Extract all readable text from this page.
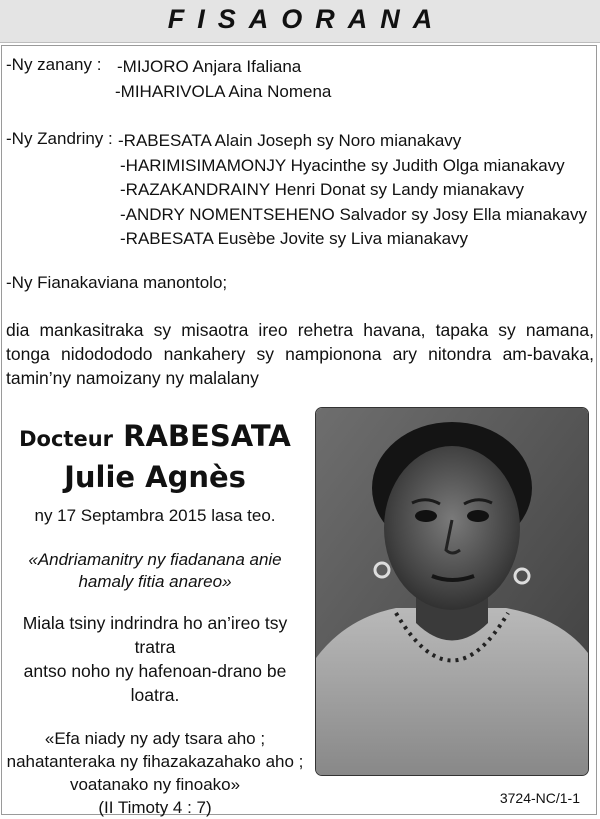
FISAORANA
-Ny zanany : -MIJORO Anjara Ifaliana
-MIHARIVOLA Aina Nomena
-Ny Zandriny : -RABESATA Alain Joseph sy Noro mianakavy
-HARIMISIMAMONJY Hyacinthe sy Judith Olga mianakavy
-RAZAKANDRAINY Henri Donat sy Landy mianakavy
-ANDRY NOMENTSEHENO Salvador sy Josy Ella mianakavy
-RABESATA Eusèbe Jovite sy Liva mianakavy
-Ny Fianakaviana manontolo;
dia mankasitraka sy misaotra ireo rehetra havana, tapaka sy namana, tonga nidodododo nankahery sy nampionona ary nitondra am-bavaka, tamin’ny namoizany ny malalany
Docteur RABESATA
Julie Agnès
ny 17 Septambra 2015 lasa teo.
«Andriamanitry ny fiadanana anie
hamaly fitia anareo»
Miala tsiny indrindra ho an’ireo tsy tratra
antso noho ny hafenoan-drano be loatra.
«Efa niady ny ady tsara aho ;
nahatanteraka ny fihazakazahako aho ;
voatanako ny finoako»
(II Timoty 4 : 7)	3724-NC/1-1
